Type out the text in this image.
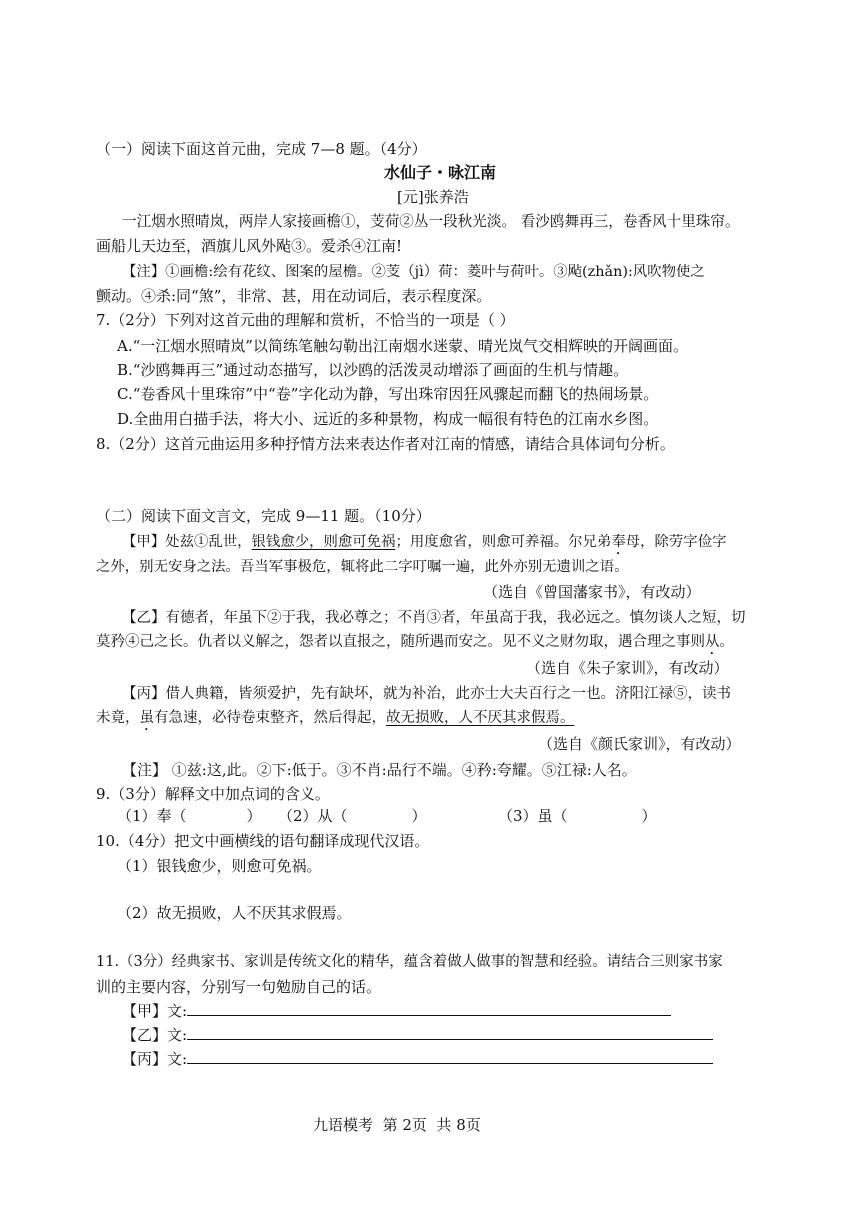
（一）阅读下面这首元曲，完成 7—8 题。（4分）
水仙子・咏江南
[元]张养浩
一江烟水照晴岚，两岸人家接画檐①，芰荷②丛一段秋光淡。 看沙鸥舞再三，卷香风十里珠帘。
画船儿天边至，酒旗儿风外飐③。爱杀④江南!
【注】①画檐:绘有花纹、图案的屋檐。②芰（jì）荷：菱叶与荷叶。③飐(zhǎn):风吹物使之
颤动。④杀:同“煞”，非常、甚，用在动词后，表示程度深。
7.（2分）下列对这首元曲的理解和赏析，不恰当的一项是（ ）
A.“一江烟水照晴岚”以简练笔触勾勒出江南烟水迷蒙、晴光岚气交相辉映的开阔画面。
B.“沙鸥舞再三”通过动态描写，以沙鸥的活泼灵动增添了画面的生机与情趣。
C.“卷香风十里珠帘”中“卷”字化动为静，写出珠帘因狂风骤起而翻飞的热闹场景。
D.全曲用白描手法，将大小、远近的多种景物，构成一幅很有特色的江南水乡图。
8.（2分）这首元曲运用多种抒情方法来表达作者对江南的情感，请结合具体词句分析。
（二）阅读下面文言文，完成 9—11 题。（10分）
【甲】处兹①乱世，银钱愈少，则愈可免祸；用度愈省，则愈可养福。尔兄弟奉母，除劳字俭字
之外，别无安身之法。吾当军事极危，辄将此二字叮嘱一遍，此外亦别无遗训之语。
（选自《曾国藩家书》，有改动）
【乙】有德者，年虽下②于我，我必尊之；不肖③者，年虽高于我，我必远之。慎勿谈人之短，切
莫矜④己之长。仇者以义解之，怨者以直报之，随所遇而安之。见不义之财勿取，遇合理之事则从。
（选自《朱子家训》，有改动）
【丙】借人典籍，皆须爱护，先有缺坏，就为补治，此亦士大夫百行之一也。济阳江禄⑤，读书
未竟，虽有急速，必待卷束整齐，然后得起，故无损败，人不厌其求假焉。
（选自《颜氏家训》，有改动）
【注】 ①兹:这,此。②下:低于。③不肖:品行不端。④矜:夸耀。⑤江禄:人名。
9.（3分）解释文中加点词的含义。
（1）奉（	） （2）从（	）	（3）虽（	）
10.（4分）把文中画横线的语句翻译成现代汉语。
（1）银钱愈少，则愈可免祸。
（2）故无损败，人不厌其求假焉。
11.（3分）经典家书、家训是传统文化的精华，蕴含着做人做事的智慧和经验。请结合三则家书家
训的主要内容，分别写一句勉励自己的话。
【甲】文:
【乙】文:
【丙】文:
九语模考 第 2页 共 8页
